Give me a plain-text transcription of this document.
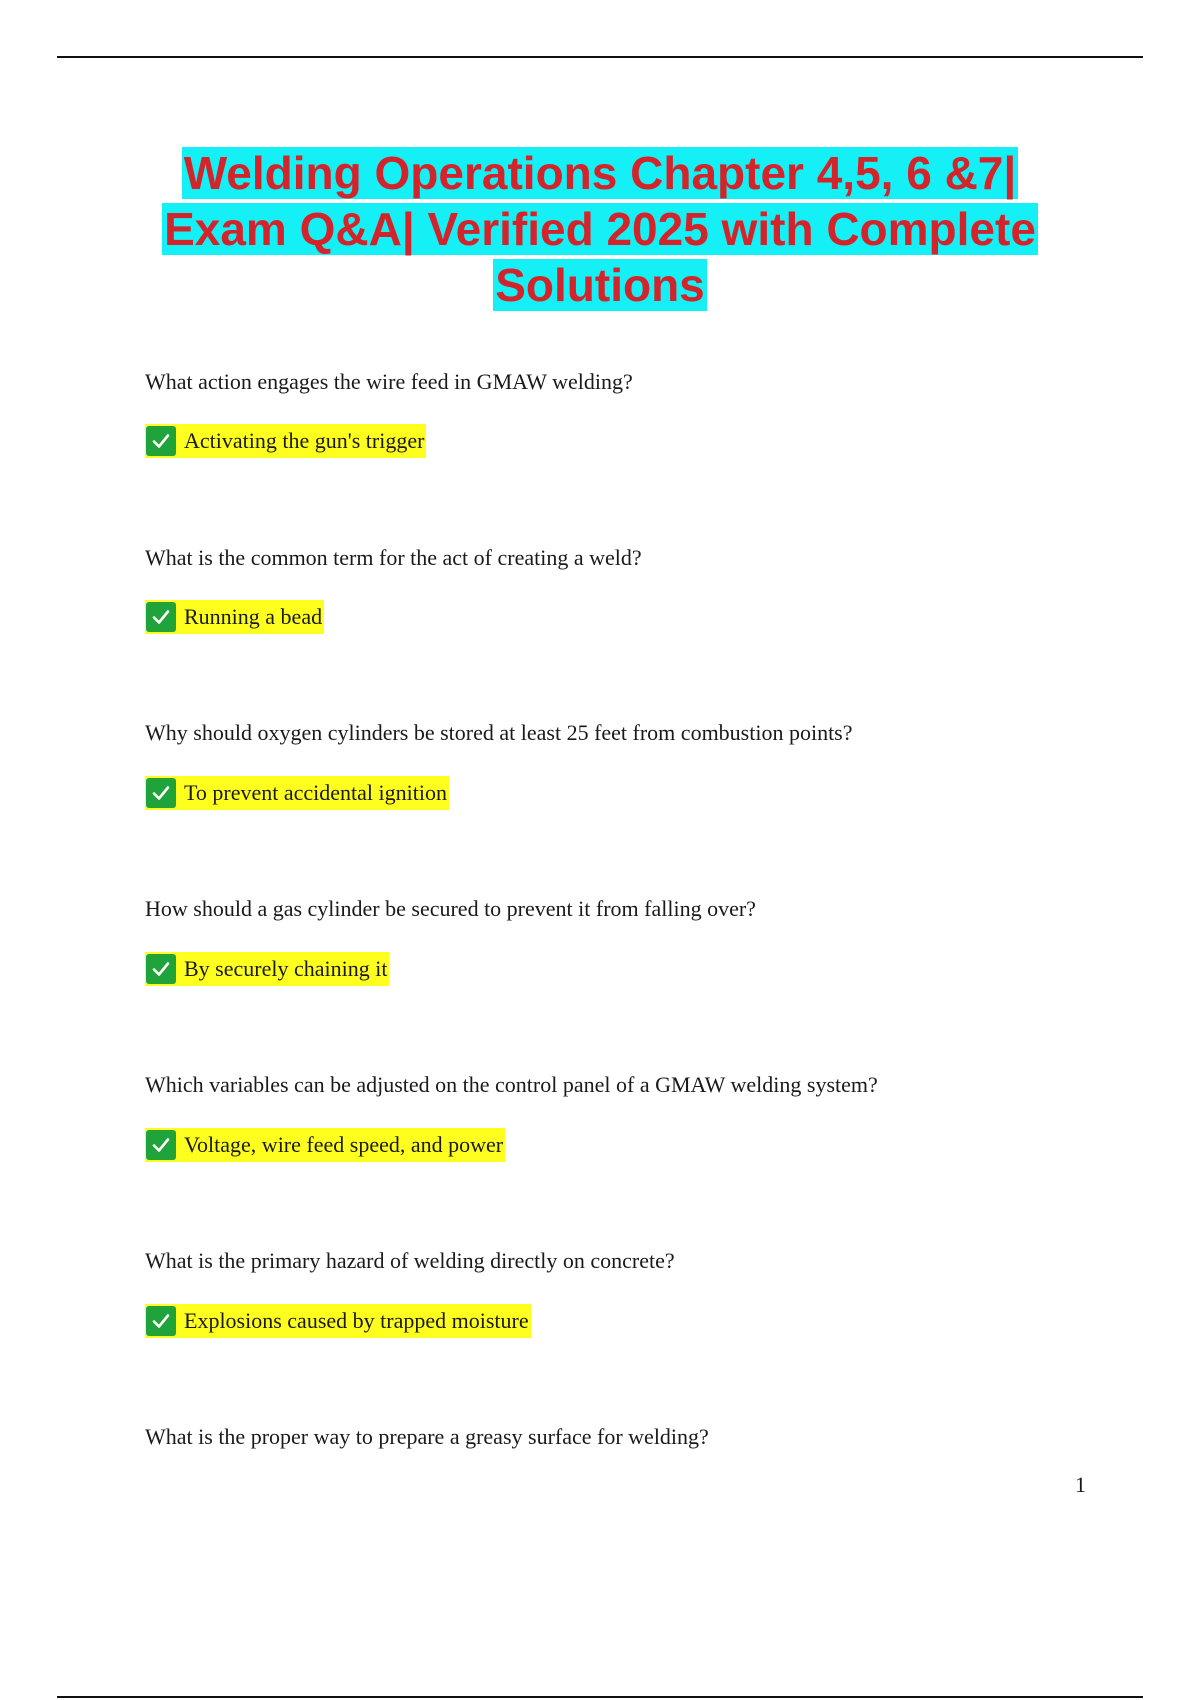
Welding Operations Chapter 4,5, 6 &7|
Exam Q&A| Verified 2025 with Complete
Solutions
What action engages the wire feed in GMAW welding?
Activating the gun's trigger
What is the common term for the act of creating a weld?
Running a bead
Why should oxygen cylinders be stored at least 25 feet from combustion points?
To prevent accidental ignition
How should a gas cylinder be secured to prevent it from falling over?
By securely chaining it
Which variables can be adjusted on the control panel of a GMAW welding system?
Voltage, wire feed speed, and power
What is the primary hazard of welding directly on concrete?
Explosions caused by trapped moisture
What is the proper way to prepare a greasy surface for welding?
1
